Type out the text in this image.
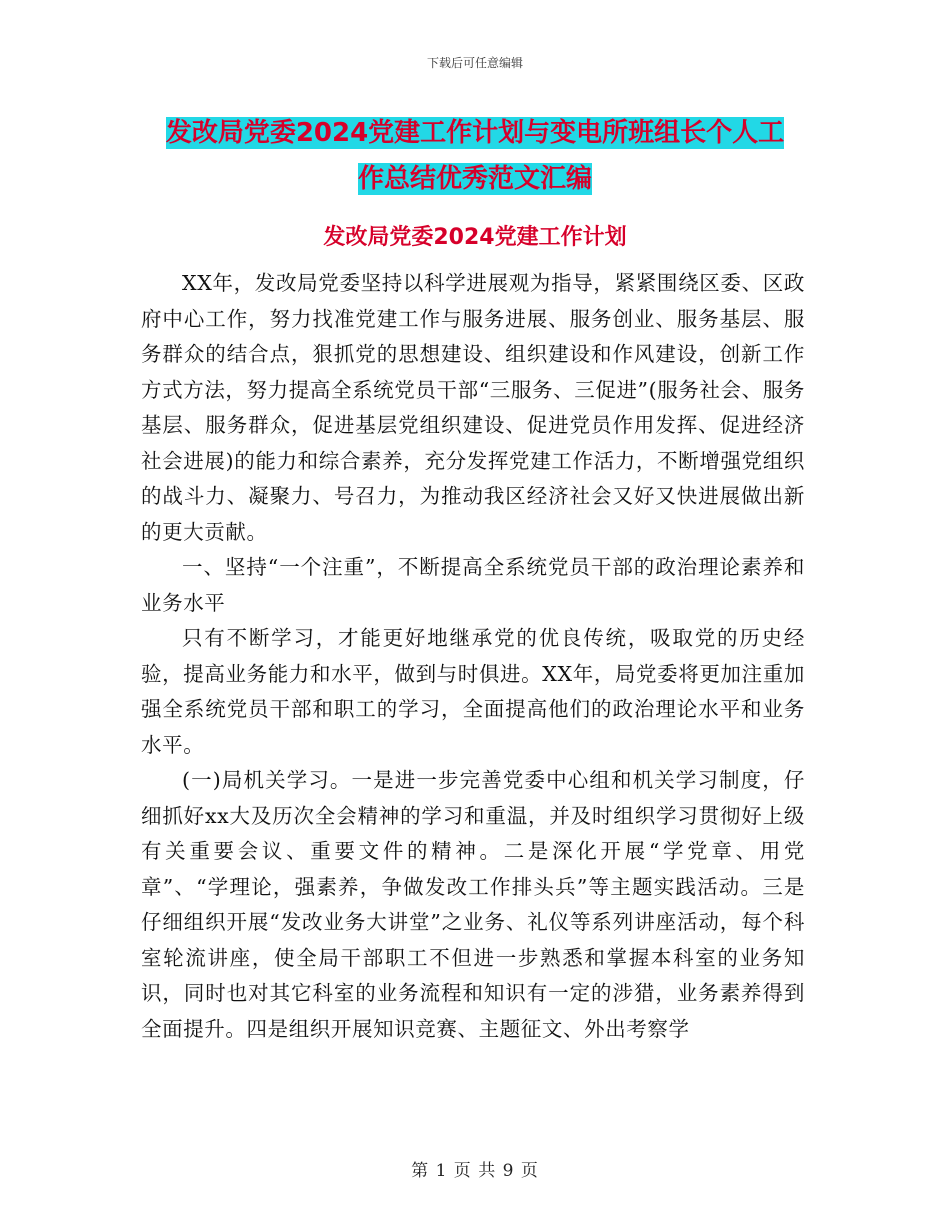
下载后可任意编辑
发改局党委2024党建工作计划与变电所班组长个人工
作总结优秀范文汇编
发改局党委2024党建工作计划

XX年，发改局党委坚持以科学进展观为指导，紧紧围绕区委、区政府中心工作，努力找准党建工作与服务进展、服务创业、服务基层、服务群众的结合点，狠抓党的思想建设、组织建设和作风建设，创新工作方式方法，努力提高全系统党员干部“三服务、三促进”(服务社会、服务基层、服务群众，促进基层党组织建设、促进党员作用发挥、促进经济社会进展)的能力和综合素养，充分发挥党建工作活力，不断增强党组织的战斗力、凝聚力、号召力，为推动我区经济社会又好又快进展做出新的更大贡献。

一、坚持“一个注重”，不断提高全系统党员干部的政治理论素养和业务水平

只有不断学习，才能更好地继承党的优良传统，吸取党的历史经验，提高业务能力和水平，做到与时俱进。XX年，局党委将更加注重加强全系统党员干部和职工的学习，全面提高他们的政治理论水平和业务水平。

(一)局机关学习。一是进一步完善党委中心组和机关学习制度，仔细抓好xx大及历次全会精神的学习和重温，并及时组织学习贯彻好上级有关重要会议、重要文件的精神。二是深化开展“学党章、用党章”、“学理论，强素养，争做发改工作排头兵”等主题实践活动。三是仔细组织开展“发改业务大讲堂”之业务、礼仪等系列讲座活动，每个科室轮流讲座，使全局干部职工不但进一步熟悉和掌握本科室的业务知识，同时也对其它科室的业务流程和知识有一定的涉猎，业务素养得到全面提升。四是组织开展知识竞赛、主题征文、外出考察学

第 1 页 共 9 页
